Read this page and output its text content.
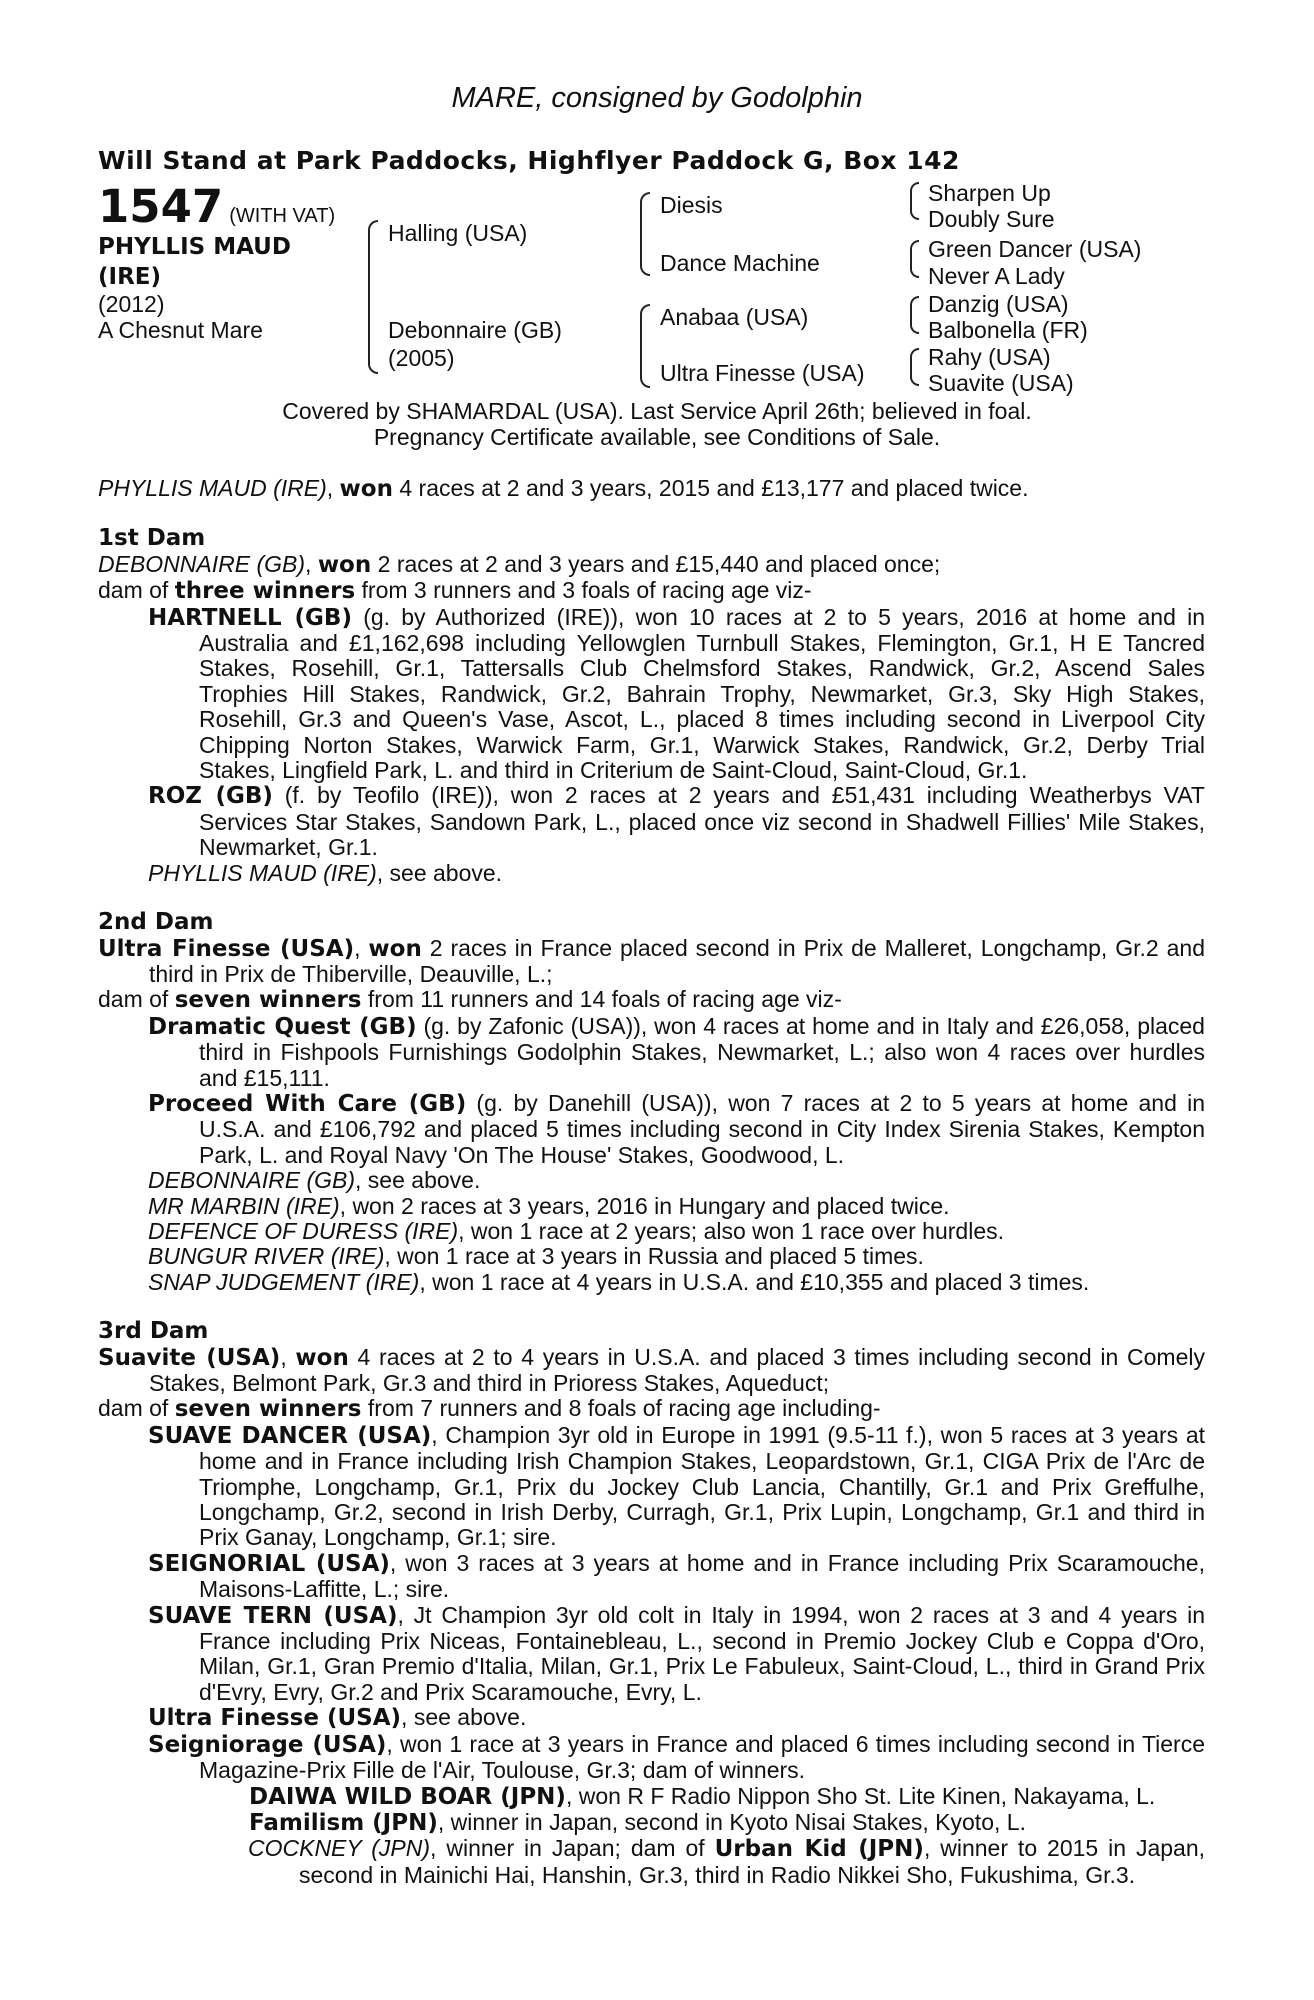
MARE, consigned by Godolphin
Will Stand at Park Paddocks, Highflyer Paddock G, Box 142
1547 (WITH VAT)
PHYLLIS MAUD
(IRE)
(2012)
A Chesnut Mare
Halling (USA)
Debonnaire (GB)
(2005)
Diesis
Dance Machine
Anabaa (USA)
Ultra Finesse (USA)
Sharpen Up
Doubly Sure
Green Dancer (USA)
Never A Lady
Danzig (USA)
Balbonella (FR)
Rahy (USA)
Suavite (USA)
Covered by SHAMARDAL (USA). Last Service April 26th; believed in foal.
Pregnancy Certificate available, see Conditions of Sale.

PHYLLIS MAUD (IRE), won 4 races at 2 and 3 years, 2015 and £13,177 and placed twice.

1st Dam

DEBONNAIRE (GB), won 2 races at 2 and 3 years and £15,440 and placed once;

dam of three winners from 3 runners and 3 foals of racing age viz-

HARTNELL (GB) (g. by Authorized (IRE)), won 10 races at 2 to 5 years, 2016 at home and in Australia and £1,162,698 including Yellowglen Turnbull Stakes, Flemington, Gr.1, H E Tancred Stakes, Rosehill, Gr.1, Tattersalls Club Chelmsford Stakes, Randwick, Gr.2, Ascend Sales Trophies Hill Stakes, Randwick, Gr.2, Bahrain Trophy, Newmarket, Gr.3, Sky High Stakes, Rosehill, Gr.3 and Queen's Vase, Ascot, L., placed 8 times including second in Liverpool City Chipping Norton Stakes, Warwick Farm, Gr.1, Warwick Stakes, Randwick, Gr.2, Derby Trial Stakes, Lingfield Park, L. and third in Criterium de Saint-Cloud, Saint-Cloud, Gr.1.

ROZ (GB) (f. by Teofilo (IRE)), won 2 races at 2 years and £51,431 including Weatherbys VAT Services Star Stakes, Sandown Park, L., placed once viz second in Shadwell Fillies' Mile Stakes, Newmarket, Gr.1.

PHYLLIS MAUD (IRE), see above.

2nd Dam

Ultra Finesse (USA), won 2 races in France placed second in Prix de Malleret, Longchamp, Gr.2 and third in Prix de Thiberville, Deauville, L.;

dam of seven winners from 11 runners and 14 foals of racing age viz-

Dramatic Quest (GB) (g. by Zafonic (USA)), won 4 races at home and in Italy and £26,058, placed third in Fishpools Furnishings Godolphin Stakes, Newmarket, L.; also won 4 races over hurdles and £15,111.

Proceed With Care (GB) (g. by Danehill (USA)), won 7 races at 2 to 5 years at home and in U.S.A. and £106,792 and placed 5 times including second in City Index Sirenia Stakes, Kempton Park, L. and Royal Navy 'On The House' Stakes, Goodwood, L.

DEBONNAIRE (GB), see above.

MR MARBIN (IRE), won 2 races at 3 years, 2016 in Hungary and placed twice.

DEFENCE OF DURESS (IRE), won 1 race at 2 years; also won 1 race over hurdles.

BUNGUR RIVER (IRE), won 1 race at 3 years in Russia and placed 5 times.

SNAP JUDGEMENT (IRE), won 1 race at 4 years in U.S.A. and £10,355 and placed 3 times.

3rd Dam

Suavite (USA), won 4 races at 2 to 4 years in U.S.A. and placed 3 times including second in Comely Stakes, Belmont Park, Gr.3 and third in Prioress Stakes, Aqueduct;

dam of seven winners from 7 runners and 8 foals of racing age including-

SUAVE DANCER (USA), Champion 3yr old in Europe in 1991 (9.5-11 f.), won 5 races at 3 years at home and in France including Irish Champion Stakes, Leopardstown, Gr.1, CIGA Prix de l'Arc de Triomphe, Longchamp, Gr.1, Prix du Jockey Club Lancia, Chantilly, Gr.1 and Prix Greffulhe, Longchamp, Gr.2, second in Irish Derby, Curragh, Gr.1, Prix Lupin, Longchamp, Gr.1 and third in Prix Ganay, Longchamp, Gr.1; sire.

SEIGNORIAL (USA), won 3 races at 3 years at home and in France including Prix Scaramouche, Maisons-Laffitte, L.; sire.

SUAVE TERN (USA), Jt Champion 3yr old colt in Italy in 1994, won 2 races at 3 and 4 years in France including Prix Niceas, Fontainebleau, L., second in Premio Jockey Club e Coppa d'Oro, Milan, Gr.1, Gran Premio d'Italia, Milan, Gr.1, Prix Le Fabuleux, Saint-Cloud, L., third in Grand Prix d'Evry, Evry, Gr.2 and Prix Scaramouche, Evry, L.

Ultra Finesse (USA), see above.

Seigniorage (USA), won 1 race at 3 years in France and placed 6 times including second in Tierce Magazine-Prix Fille de l'Air, Toulouse, Gr.3; dam of winners.

DAIWA WILD BOAR (JPN), won R F Radio Nippon Sho St. Lite Kinen, Nakayama, L.

Familism (JPN), winner in Japan, second in Kyoto Nisai Stakes, Kyoto, L.

COCKNEY (JPN), winner in Japan; dam of Urban Kid (JPN), winner to 2015 in Japan, second in Mainichi Hai, Hanshin, Gr.3, third in Radio Nikkei Sho, Fukushima, Gr.3.
